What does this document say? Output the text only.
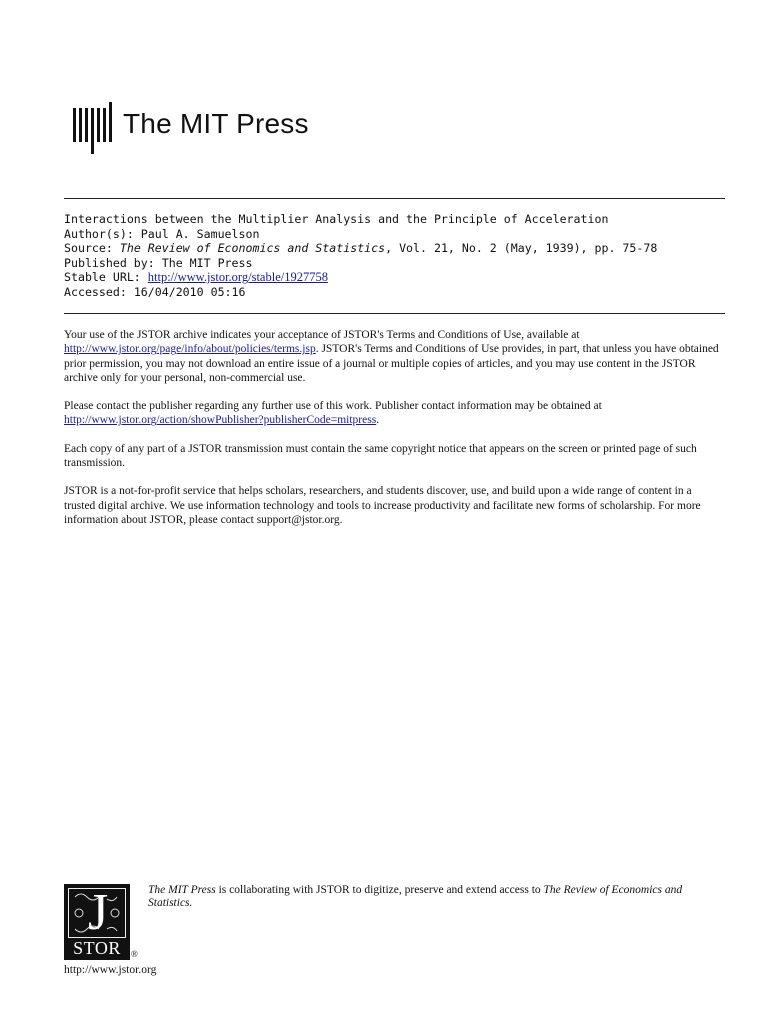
The MIT Press
Interactions between the Multiplier Analysis and the Principle of Acceleration
Author(s): Paul A. Samuelson
Source: The Review of Economics and Statistics, Vol. 21, No. 2 (May, 1939), pp. 75-78
Published by: The MIT Press
Stable URL: http://www.jstor.org/stable/1927758
Accessed: 16/04/2010 05:16

Your use of the JSTOR archive indicates your acceptance of JSTOR's Terms and Conditions of Use, available at http://www.jstor.org/page/info/about/policies/terms.jsp. JSTOR's Terms and Conditions of Use provides, in part, that unless you have obtained prior permission, you may not download an entire issue of a journal or multiple copies of articles, and you may use content in the JSTOR archive only for your personal, non-commercial use.

Please contact the publisher regarding any further use of this work. Publisher contact information may be obtained at http://www.jstor.org/action/showPublisher?publisherCode=mitpress.

Each copy of any part of a JSTOR transmission must contain the same copyright notice that appears on the screen or printed page of such transmission.

JSTOR is a not-for-profit service that helps scholars, researchers, and students discover, use, and build upon a wide range of content in a trusted digital archive. We use information technology and tools to increase productivity and facilitate new forms of scholarship. For more information about JSTOR, please contact support@jstor.org.

J
STOR	®
http://www.jstor.org
The MIT Press is collaborating with JSTOR to digitize, preserve and extend access to The Review of Economics and Statistics.
